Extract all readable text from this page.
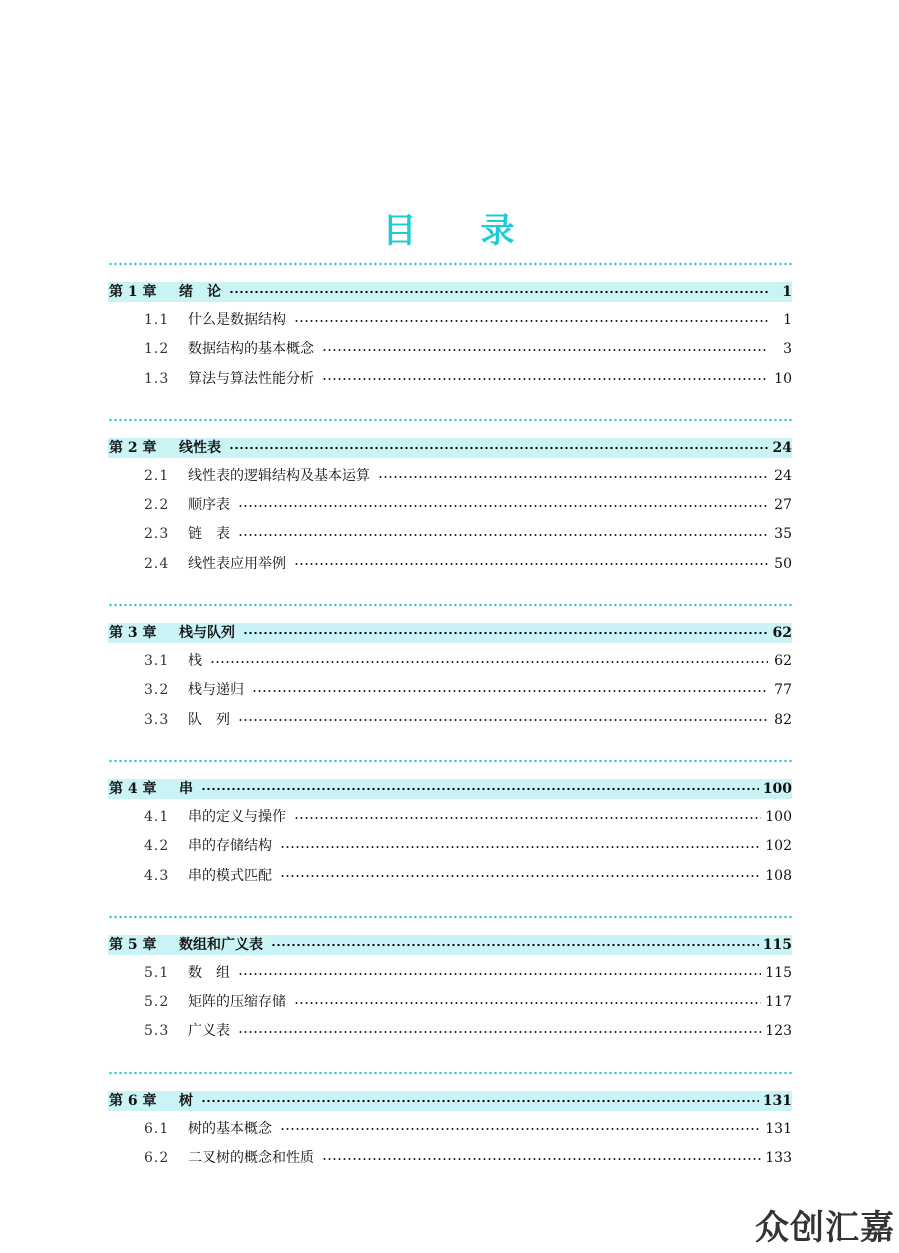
目 录
第 1 章	绪　论	1
1.1	什么是数据结构	1
1.2	数据结构的基本概念	3
1.3	算法与算法性能分析	10
第 2 章	线性表	24
2.1	线性表的逻辑结构及基本运算	24
2.2	顺序表	27
2.3	链　表	35
2.4	线性表应用举例	50
第 3 章	栈与队列	62
3.1	栈	62
3.2	栈与递归	77
3.3	队　列	82
第 4 章	串	100
4.1	串的定义与操作	100
4.2	串的存储结构	102
4.3	串的模式匹配	108
第 5 章	数组和广义表	115
5.1	数　组	115
5.2	矩阵的压缩存储	117
5.3	广义表	123
第 6 章	树	131
6.1	树的基本概念	131
6.2	二叉树的概念和性质	133
众创汇嘉
